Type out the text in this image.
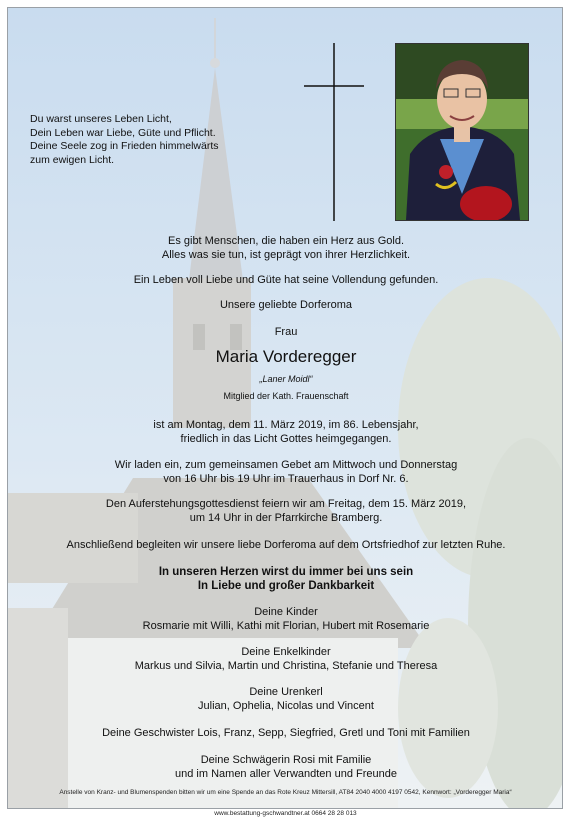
Du warst unseres Leben Licht,
Dein Leben war Liebe, Güte und Pflicht.
Deine Seele zog in Frieden himmelwärts
zum ewigen Licht.
Es gibt Menschen, die haben ein Herz aus Gold.
Alles was sie tun, ist geprägt von ihrer Herzlichkeit.
Ein Leben voll Liebe und Güte hat seine Vollendung gefunden.
Unsere geliebte Dorferoma
Frau
Maria Vorderegger
„Laner Moidl“
Mitglied der Kath. Frauenschaft
ist am Montag, dem 11. März 2019, im 86. Lebensjahr,
friedlich in das Licht Gottes heimgegangen.
Wir laden ein, zum gemeinsamen Gebet am Mittwoch und Donnerstag
von 16 Uhr bis 19 Uhr im Trauerhaus in Dorf Nr. 6.
Den Auferstehungsgottesdienst feiern wir am Freitag, dem 15. März 2019,
um 14 Uhr in der Pfarrkirche Bramberg.
Anschließend begleiten wir unsere liebe Dorferoma auf dem Ortsfriedhof zur letzten Ruhe.
In unseren Herzen wirst du immer bei uns sein
In Liebe und großer Dankbarkeit
Deine Kinder
Rosmarie mit Willi, Kathi mit Florian, Hubert mit Rosemarie
Deine Enkelkinder
Markus und Silvia, Martin und Christina, Stefanie und Theresa
Deine Urenkerl
Julian, Ophelia, Nicolas und Vincent
Deine Geschwister Lois, Franz, Sepp, Siegfried, Gretl und Toni mit Familien
Deine Schwägerin Rosi mit Familie
und im Namen aller Verwandten und Freunde
Anstelle von Kranz- und Blumenspenden bitten wir um eine Spende an das Rote Kreuz Mittersill, AT84 2040 4000 4197 0542, Kennwort: „Vorderegger Maria“
www.bestattung-gschwandtner.at 0664 28 28 013
